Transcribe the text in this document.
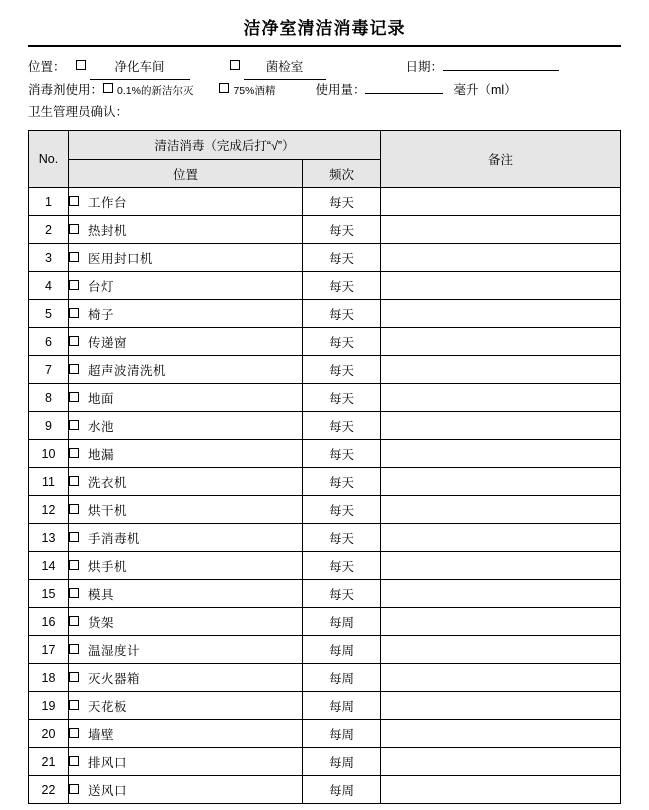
洁净室清洁消毒记录
位置：	净化车间	菌检室	日期：
消毒剂使用： 0.1%的新洁尔灭	75%酒精	使用量：	毫升（ml）
卫生管理员确认：
No.	清洁消毒（完成后打“√”）		备注
	位置	频次	
1	工作台	每天	
2	热封机	每天	
3	医用封口机	每天	
4	台灯	每天	
5	椅子	每天	
6	传递窗	每天	
7	超声波清洗机	每天	
8	地面	每天	
9	水池	每天	
10	地漏	每天	
11	洗衣机	每天	
12	烘干机	每天	
13	手消毒机	每天	
14	烘手机	每天	
15	模具	每天	
16	货架	每周	
17	温湿度计	每周	
18	灭火器箱	每周	
19	天花板	每周	
20	墙壁	每周	
21	排风口	每周	
22	送风口	每周	
